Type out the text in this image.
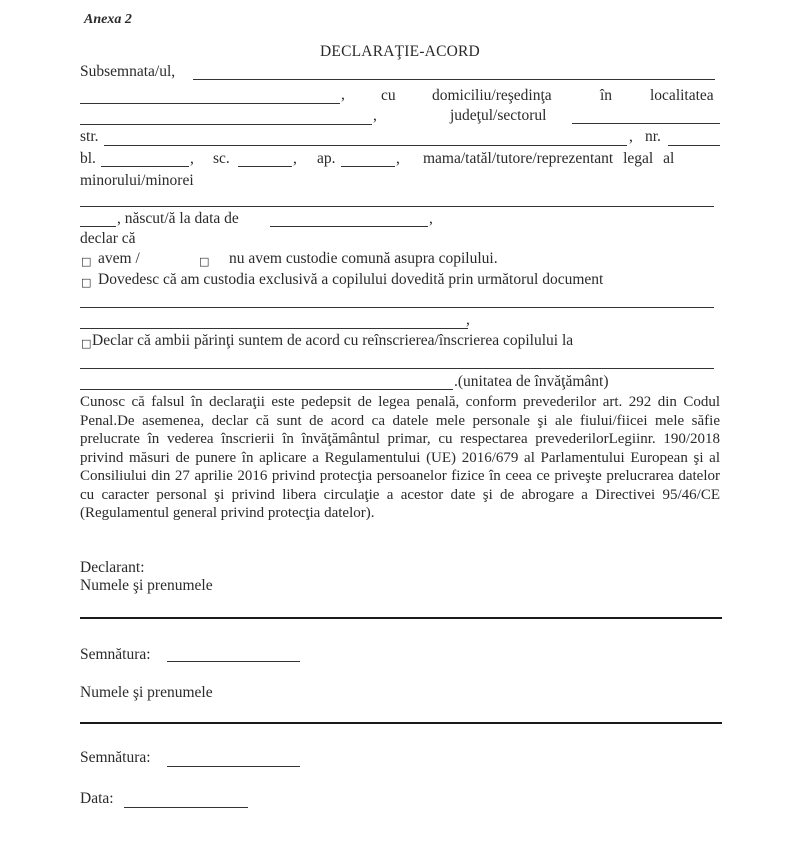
Anexa 2
DECLARAŢIE-ACORD
Subsemnata/ul,
, cu domiciliu/reşedinţa	în localitatea
,	judeţul/sectorul
str.	, nr.
bl.	, sc.	, ap.	, mama/tatăl/tutore/reprezentant legal al
minorului/minorei
, născut/ă la data de	,
declar că
□ avem /	□ nu avem custodie comună asupra copilului.
□ Dovedesc că am custodia exclusivă a copilului dovedită prin următorul document
,
□ Declar că ambii părinţi suntem de acord cu reînscrierea/înscrierea copilului la
.(unitatea de învăţământ)
Cunosc că falsul în declaraţii este pedepsit de legea penală, conform prevederilor art. 292 din Codul Penal.De asemenea, declar că sunt de acord ca datele mele personale şi ale fiului/fiicei mele săfie prelucrate în vederea înscrierii în învăţământul primar, cu respectarea prevederilorLegiinr. 190/2018 privind măsuri de punere în aplicare a Regulamentului (UE) 2016/679 al Parlamentului European şi al Consiliului din 27 aprilie 2016 privind protecţia persoanelor fizice în ceea ce priveşte prelucrarea datelor cu caracter personal şi privind libera circulaţie a acestor date şi de abrogare a Directivei 95/46/CE (Regulamentul general privind protecţia datelor).
Declarant:
Numele şi prenumele
Semnătura:
Numele şi prenumele
Semnătura:
Data:
